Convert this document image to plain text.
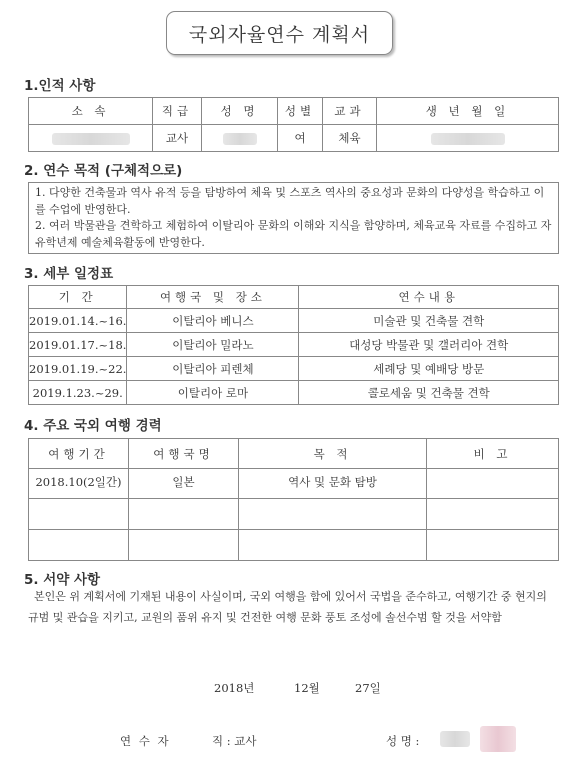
국외자율연수 계획서
1.인적 사항
소 속	직급	성 명	성별	교과	생 년 월 일
	교사		여	체육	
2. 연수 목적 (구체적으로)

1. 다양한 건축물과 역사 유적 등을 탐방하여 체육 및 스포츠 역사의 중요성과 문화의 다양성을 학습하고 이를 수업에 반영한다.

2. 여러 박물관을 견학하고 체험하여 이탈리아 문화의 이해와 지식을 함양하며, 체육교육 자료를 수집하고 자유학년제 예술체육활동에 반영한다.

3. 세부 일정표
기 간	여행국 및 장소	연수내용
2019.01.14.~16.	이탈리아 베니스	미술관 및 건축물 견학
2019.01.17.~18.	이탈리아 밀라노	대성당 박물관 및 갤러리아 견학
2019.01.19.~22.	이탈리아 피렌체	세례당 및 예배당 방문
2019.1.23.~29.	이탈리아 로마	콜로세움 및 건축물 견학
4. 주요 국외 여행 경력
여행기간	여행국명	목 적	비 고
2018.10(2일간)	일본	역사 및 문화 탐방	

5. 서약 사항
본인은 위 계획서에 기재된 내용이 사실이며, 국외 여행을 함에 있어서 국법을 준수하고, 여행기간 중 현지의 규범 및 관습을 지키고, 교원의 품위 유지 및 건전한 여행 문화 풍토 조성에 솔선수범 할 것을 서약함
2018년	12월	27일
연 수 자	직 : 교사	성 명 :
